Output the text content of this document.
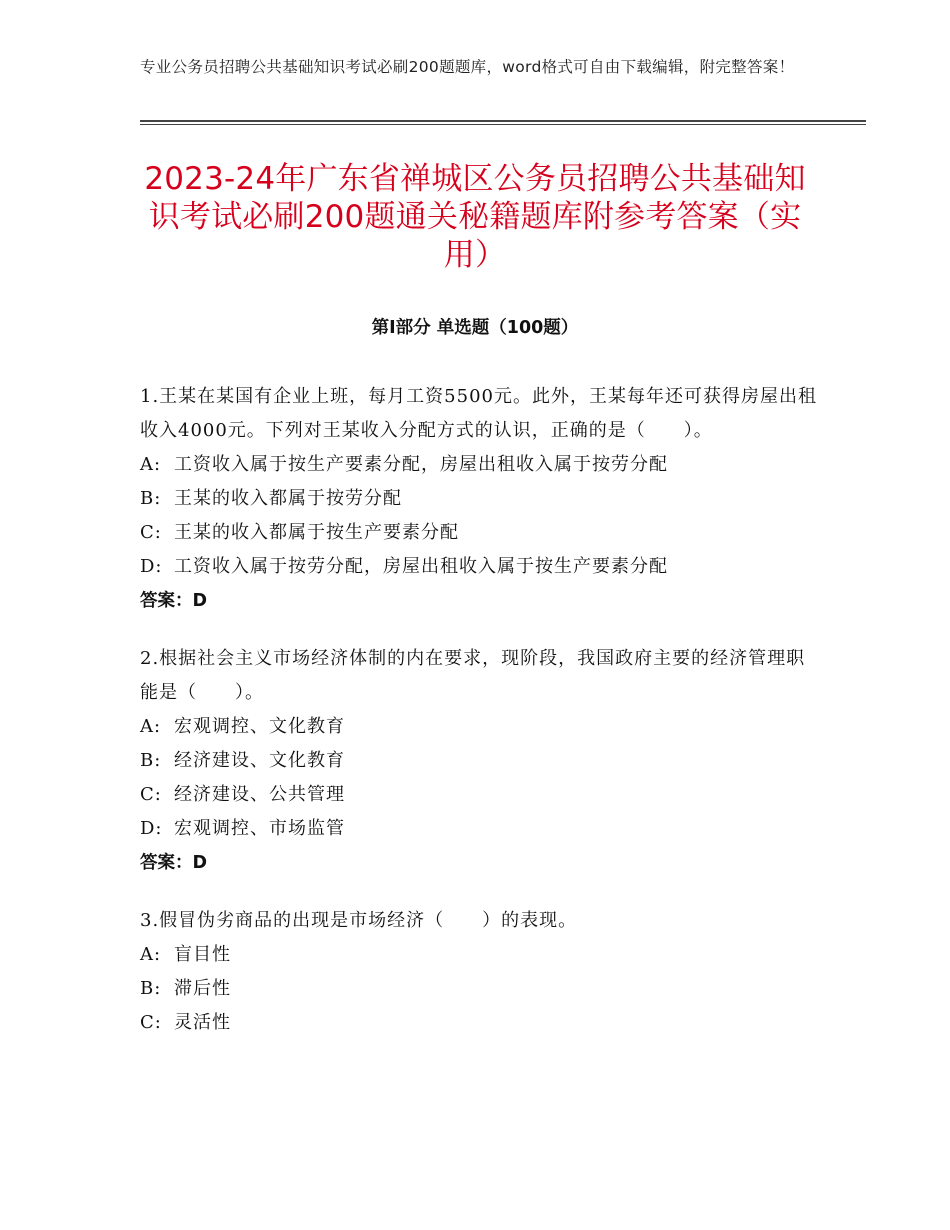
专业公务员招聘公共基础知识考试必刷200题题库，word格式可自由下载编辑，附完整答案！
2023-24年广东省禅城区公务员招聘公共基础知识考试必刷200题通关秘籍题库附参考答案（实用）
第Ⅰ部分 单选题（100题）

1.王某在某国有企业上班，每月工资5500元。此外，王某每年还可获得房屋出租收入4000元。下列对王某收入分配方式的认识，正确的是（　　）。

A: 工资收入属于按生产要素分配，房屋出租收入属于按劳分配

B: 王某的收入都属于按劳分配

C: 王某的收入都属于按生产要素分配

D: 工资收入属于按劳分配，房屋出租收入属于按生产要素分配

答案：D

2.根据社会主义市场经济体制的内在要求，现阶段，我国政府主要的经济管理职能是（　　）。

A: 宏观调控、文化教育

B: 经济建设、文化教育

C: 经济建设、公共管理

D: 宏观调控、市场监管

答案：D

3.假冒伪劣商品的出现是市场经济（　　）的表现。

A: 盲目性

B: 滞后性

C: 灵活性
